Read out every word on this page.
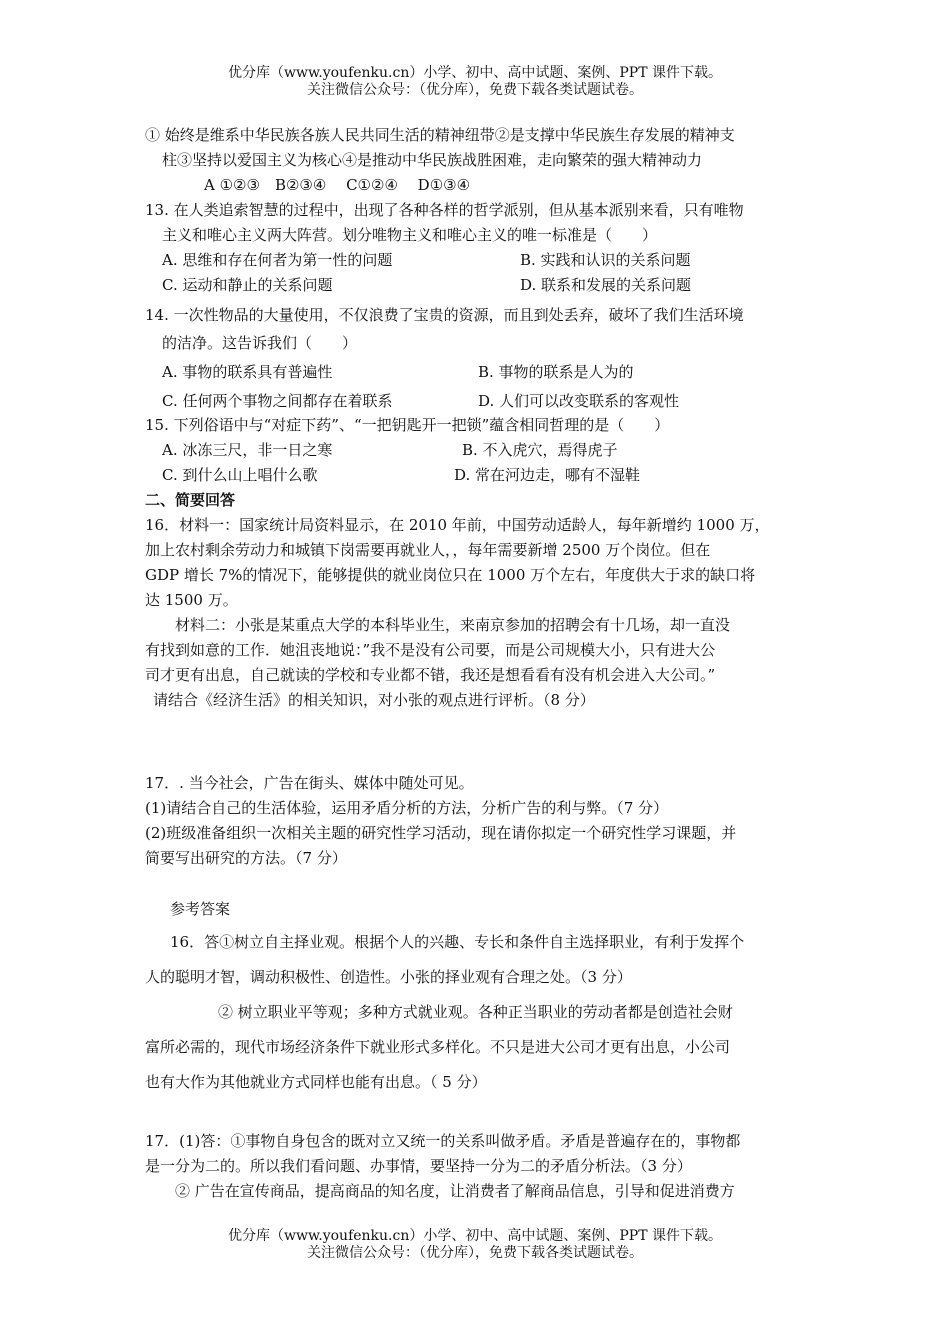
优分库（www.youfenku.cn）小学、初中、高中试题、案例、PPT 课件下载。
关注微信公众号：（优分库），免费下载各类试题试卷。
① 始终是维系中华民族各族人民共同生活的精神纽带②是支撑中华民族生存发展的精神支
柱③坚持以爱国主义为核心④是推动中华民族战胜困难，走向繁荣的强大精神动力
A ①②③　B②③④　 C①②④　 D①③④
13. 在人类追索智慧的过程中，出现了各种各样的哲学派别，但从基本派别来看，只有唯物
主义和唯心主义两大阵营。划分唯物主义和唯心主义的唯一标准是（　　）
A. 思维和存在何者为第一性的问题	B. 实践和认识的关系问题
C. 运动和静止的关系问题	D. 联系和发展的关系问题
14. 一次性物品的大量使用，不仅浪费了宝贵的资源，而且到处丢弃，破坏了我们生活环境
的洁净。这告诉我们（　　）
A. 事物的联系具有普遍性	B. 事物的联系是人为的
C. 任何两个事物之间都存在着联系	D. 人们可以改变联系的客观性
15. 下列俗语中与“对症下药”、“一把钥匙开一把锁”蕴含相同哲理的是（　　）
A. 冰冻三尺，非一日之寒	B. 不入虎穴，焉得虎子
C. 到什么山上唱什么歌	D. 常在河边走，哪有不湿鞋
二、简要回答
16．材料一：国家统计局资料显示，在 2010 年前，中国劳动适龄人，每年新增约 1000 万，
加上农村剩余劳动力和城镇下岗需要再就业人，，每年需要新增 2500 万个岗位。但在
GDP 增长 7%的情况下，能够提供的就业岗位只在 1000 万个左右，年度供大于求的缺口将
达 1500 万。
材料二：小张是某重点大学的本科毕业生，来南京参加的招聘会有十几场，却一直没
有找到如意的工作．她沮丧地说：”我不是没有公司要，而是公司规模大小，只有进大公
司才更有出息，自己就读的学校和专业都不错，我还是想看看有没有机会进入大公司。”
请结合《经济生活》的相关知识，对小张的观点进行评析。（8 分）
17．. 当今社会，广告在街头、媒体中随处可见。
(1)请结合自己的生活体验，运用矛盾分析的方法，分析广告的利与弊。（7 分）
(2)班级准备组织一次相关主题的研究性学习活动，现在请你拟定一个研究性学习课题，并
简要写出研究的方法。（7 分）
参考答案
16．答①树立自主择业观。根据个人的兴趣、专长和条件自主选择职业，有利于发挥个
人的聪明才智，调动积极性、创造性。小张的择业观有合理之处。（3 分）
② 树立职业平等观；多种方式就业观。各种正当职业的劳动者都是创造社会财
富所必需的，现代市场经济条件下就业形式多样化。不只是进大公司才更有出息，小公司
也有大作为其他就业方式同样也能有出息。（ 5 分）
17．(1)答：①事物自身包含的既对立又统一的关系叫做矛盾。矛盾是普遍存在的，事物都
是一分为二的。所以我们看问题、办事情，要坚持一分为二的矛盾分析法。（3 分）
② 广告在宣传商品，提高商品的知名度，让消费者了解商品信息，引导和促进消费方
优分库（www.youfenku.cn）小学、初中、高中试题、案例、PPT 课件下载。
关注微信公众号：（优分库），免费下载各类试题试卷。
